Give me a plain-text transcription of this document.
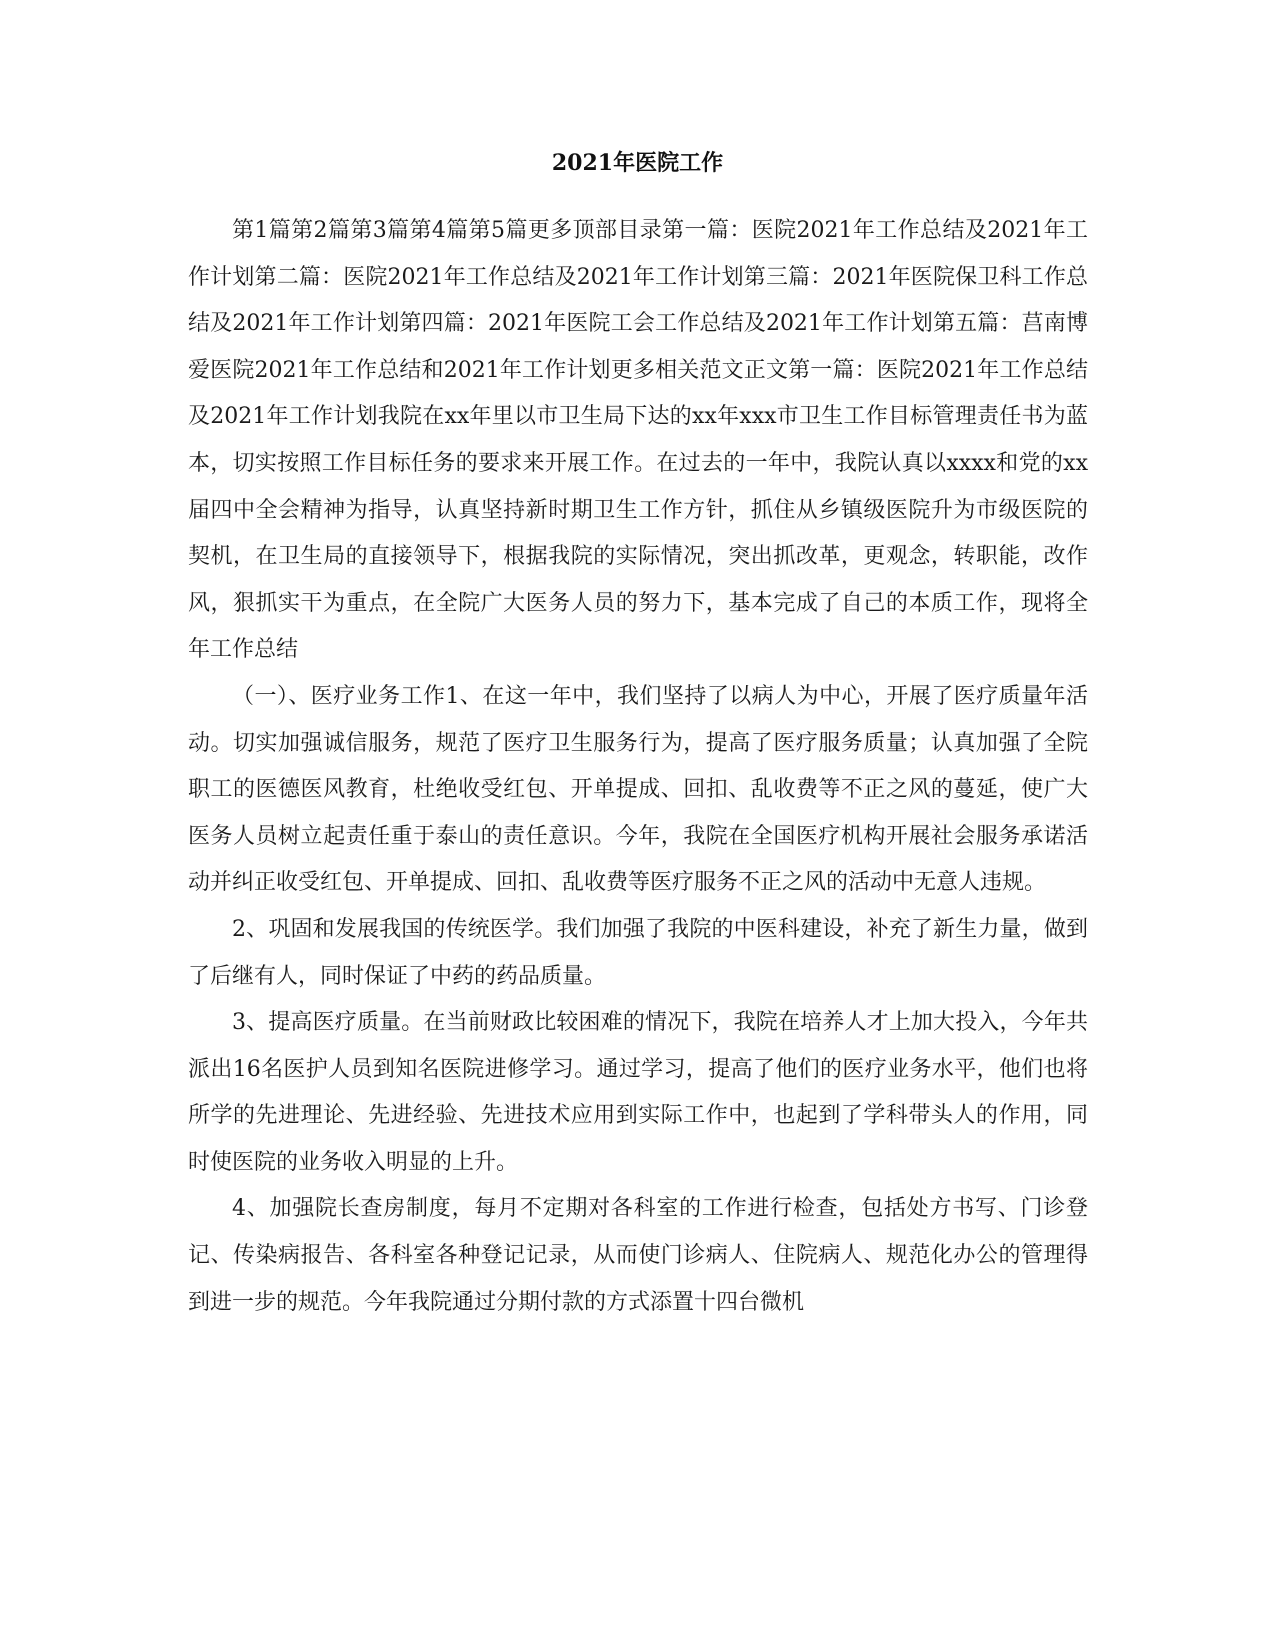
2021年医院工作

第1篇第2篇第3篇第4篇第5篇更多顶部目录第一篇：医院2021年工作总结及2021年工作计划第二篇：医院2021年工作总结及2021年工作计划第三篇：2021年医院保卫科工作总结及2021年工作计划第四篇：2021年医院工会工作总结及2021年工作计划第五篇：莒南博爱医院2021年工作总结和2021年工作计划更多相关范文正文第一篇：医院2021年工作总结及2021年工作计划我院在xx年里以市卫生局下达的xx年xxx市卫生工作目标管理责任书为蓝本，切实按照工作目标任务的要求来开展工作。在过去的一年中，我院认真以xxxx和党的xx届四中全会精神为指导，认真坚持新时期卫生工作方针，抓住从乡镇级医院升为市级医院的契机，在卫生局的直接领导下，根据我院的实际情况，突出抓改革，更观念，转职能，改作风，狠抓实干为重点，在全院广大医务人员的努力下，基本完成了自己的本质工作，现将全年工作总结

（一）、医疗业务工作1、在这一年中，我们坚持了以病人为中心，开展了医疗质量年活动。切实加强诚信服务，规范了医疗卫生服务行为，提高了医疗服务质量；认真加强了全院职工的医德医风教育，杜绝收受红包、开单提成、回扣、乱收费等不正之风的蔓延，使广大医务人员树立起责任重于泰山的责任意识。今年，我院在全国医疗机构开展社会服务承诺活动并纠正收受红包、开单提成、回扣、乱收费等医疗服务不正之风的活动中无意人违规。

2、巩固和发展我国的传统医学。我们加强了我院的中医科建设，补充了新生力量，做到了后继有人，同时保证了中药的药品质量。

3、提高医疗质量。在当前财政比较困难的情况下，我院在培养人才上加大投入，今年共派出16名医护人员到知名医院进修学习。通过学习，提高了他们的医疗业务水平，他们也将所学的先进理论、先进经验、先进技术应用到实际工作中，也起到了学科带头人的作用，同时使医院的业务收入明显的上升。

4、加强院长查房制度，每月不定期对各科室的工作进行检查，包括处方书写、门诊登记、传染病报告、各科室各种登记记录，从而使门诊病人、住院病人、规范化办公的管理得到进一步的规范。今年我院通过分期付款的方式添置十四台微机
